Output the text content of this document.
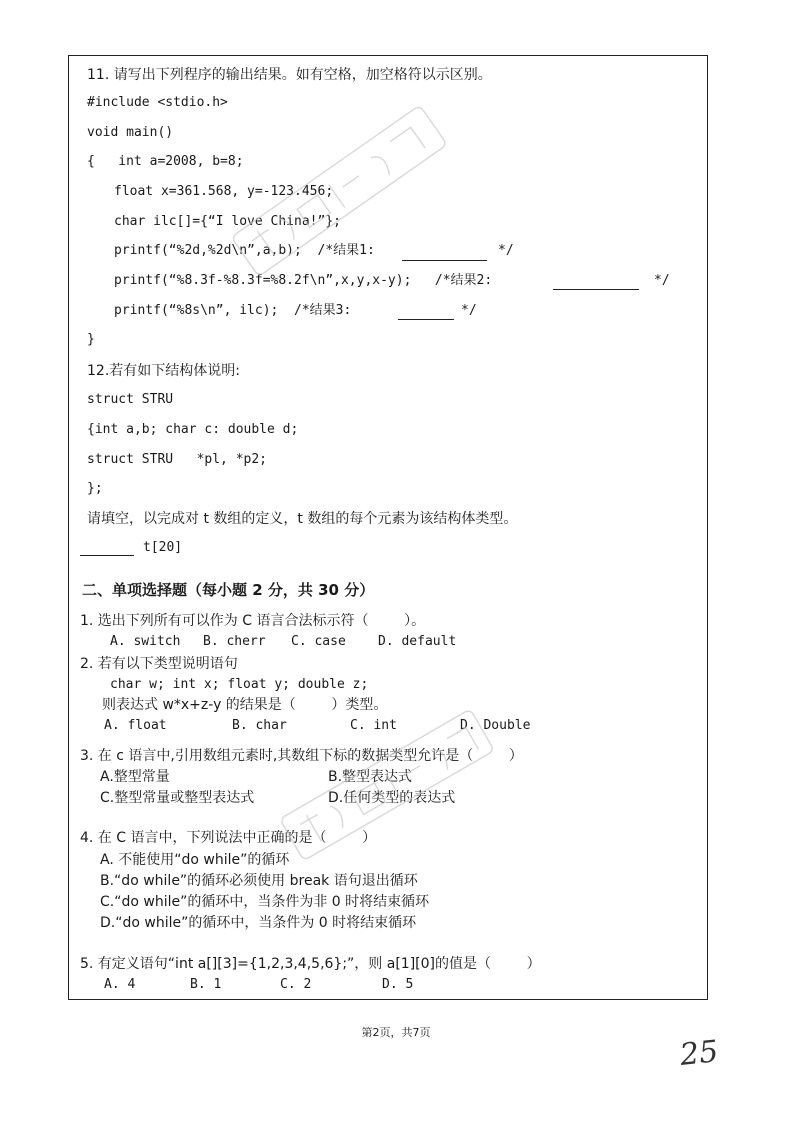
11. 请写出下列程序的输出结果。如有空格，加空格符以示区别。
#include <stdio.h>
void main()
{   int a=2008, b=8;
float x=361.568, y=-123.456;
char ilc[]={“I love China!”};
printf(“%2d,%2d\n”,a,b);  /*结果1:	*/
printf(“%8.3f-%8.3f=%8.2f\n”,x,y,x-y);   /*结果2:	*/
printf(“%8s\n”, ilc);  /*结果3:	*/
}
12.若有如下结构体说明:
struct STRU
{int a,b; char c: double d;
struct STRU   *pl, *p2;
};
请填空，以完成对 t 数组的定义，t 数组的每个元素为该结构体类型。
t[20]
二、单项选择题（每小题 2 分，共 30 分）
1. 选出下列所有可以作为 C 语言合法标示符（        ）。
A. switch B. cherr C. case D. default
2. 若有以下类型说明语句
char w; int x; float y; double z;
则表达式 w*x+z-y 的结果是（        ）类型。
A. float	B. char	C. int	D. Double
3. 在 c 语言中,引用数组元素时,其数组下标的数据类型允许是（        ）
A.整型常量	B.整型表达式
C.整型常量或整型表达式	D.任何类型的表达式
4. 在 C 语言中，下列说法中正确的是（        ）
A. 不能使用“do while”的循环
B.“do while”的循环必须使用 break 语句退出循环
C.“do while”的循环中，当条件为非 0 时将结束循环
D.“do while”的循环中，当条件为 0 时将结束循环
5. 有定义语句“int a[][3]={1,2,3,4,5,6};”，则 a[1][0]的值是（        ）
A. 4	B. 1	C. 2	D. 5
第2页，共7页
25
